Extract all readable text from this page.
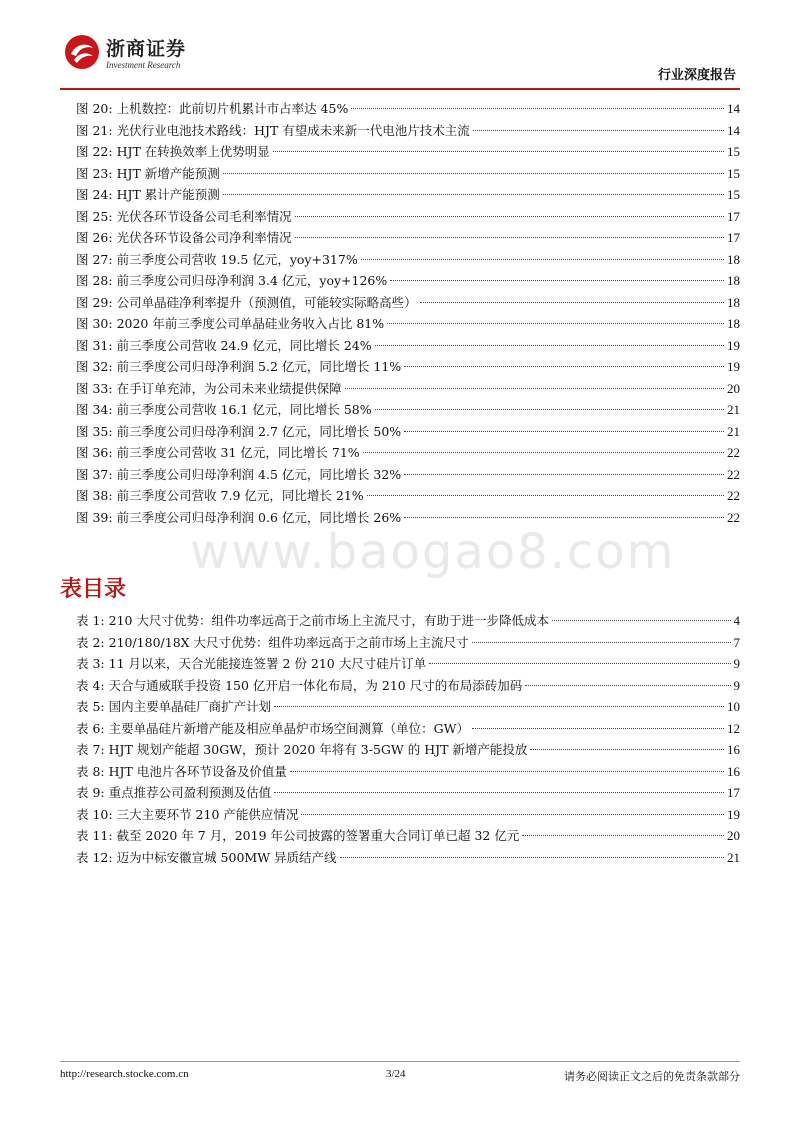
浙商证券
Investment Research
行业深度报告
图 20: 上机数控：此前切片机累计市占率达 45%	14
图 21: 光伏行业电池技术路线：HJT 有望成未来新一代电池片技术主流	14
图 22: HJT 在转换效率上优势明显	15
图 23: HJT 新增产能预测	15
图 24: HJT 累计产能预测	15
图 25: 光伏各环节设备公司毛利率情况	17
图 26: 光伏各环节设备公司净利率情况	17
图 27: 前三季度公司营收 19.5 亿元，yoy+317%	18
图 28: 前三季度公司归母净利润 3.4 亿元，yoy+126%	18
图 29: 公司单晶硅净利率提升（预测值，可能较实际略高些）	18
图 30: 2020 年前三季度公司单晶硅业务收入占比 81%	18
图 31: 前三季度公司营收 24.9 亿元，同比增长 24%	19
图 32: 前三季度公司归母净利润 5.2 亿元，同比增长 11%	19
图 33: 在手订单充沛，为公司未来业绩提供保障	20
图 34: 前三季度公司营收 16.1 亿元，同比增长 58%	21
图 35: 前三季度公司归母净利润 2.7 亿元，同比增长 50%	21
图 36: 前三季度公司营收 31 亿元，同比增长 71%	22
图 37: 前三季度公司归母净利润 4.5 亿元，同比增长 32%	22
图 38: 前三季度公司营收 7.9 亿元，同比增长 21%	22
图 39: 前三季度公司归母净利润 0.6 亿元，同比增长 26%	22
www.baogao8.com
表目录
表 1: 210 大尺寸优势：组件功率远高于之前市场上主流尺寸，有助于进一步降低成本	4
表 2: 210/180/18X 大尺寸优势：组件功率远高于之前市场上主流尺寸	7
表 3: 11 月以来，天合光能接连签署 2 份 210 大尺寸硅片订单	9
表 4: 天合与通威联手投资 150 亿开启一体化布局，为 210 尺寸的布局添砖加码	9
表 5: 国内主要单晶硅厂商扩产计划	10
表 6: 主要单晶硅片新增产能及相应单晶炉市场空间测算（单位：GW）	12
表 7: HJT 规划产能超 30GW，预计 2020 年将有 3-5GW 的 HJT 新增产能投放	16
表 8: HJT 电池片各环节设备及价值量	16
表 9: 重点推荐公司盈利预测及估值	17
表 10: 三大主要环节 210 产能供应情况	19
表 11: 截至 2020 年 7 月，2019 年公司披露的签署重大合同订单已超 32 亿元	20
表 12: 迈为中标安徽宣城 500MW 异质结产线	21
http://research.stocke.com.cn	3/24	请务必阅读正文之后的免责条款部分
